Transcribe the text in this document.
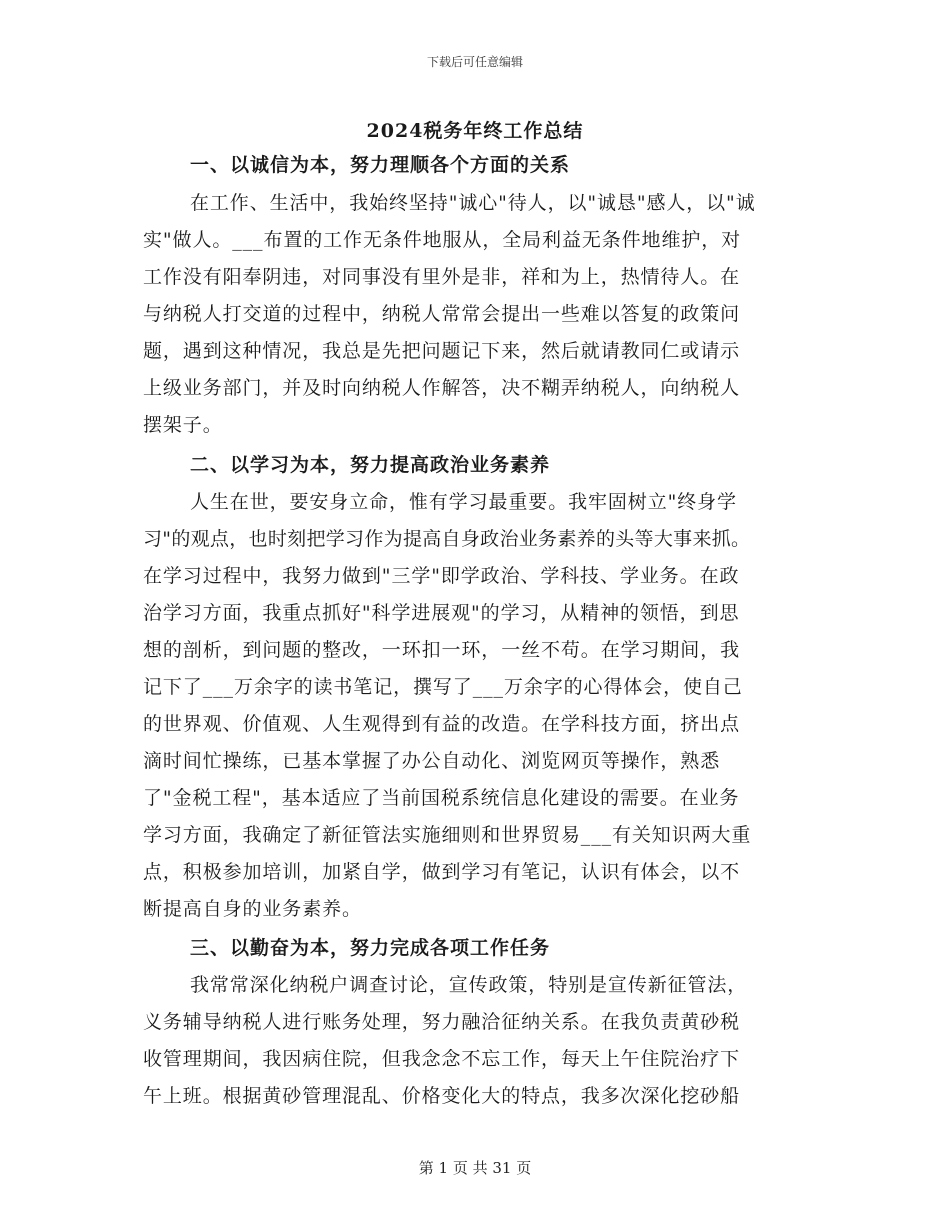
下载后可任意编辑
2024税务年终工作总结
一、以诚信为本，努力理顺各个方面的关系
在工作、生活中，我始终坚持"诚心"待人，以"诚恳"感人，以"诚
实"做人。___布置的工作无条件地服从，全局利益无条件地维护，对
工作没有阳奉阴违，对同事没有里外是非，祥和为上，热情待人。在
与纳税人打交道的过程中，纳税人常常会提出一些难以答复的政策问
题，遇到这种情况，我总是先把问题记下来，然后就请教同仁或请示
上级业务部门，并及时向纳税人作解答，决不糊弄纳税人，向纳税人
摆架子。
二、以学习为本，努力提高政治业务素养
人生在世，要安身立命，惟有学习最重要。我牢固树立"终身学
习"的观点，也时刻把学习作为提高自身政治业务素养的头等大事来抓。
在学习过程中，我努力做到"三学"即学政治、学科技、学业务。在政
治学习方面，我重点抓好"科学进展观"的学习，从精神的领悟，到思
想的剖析，到问题的整改，一环扣一环，一丝不苟。在学习期间，我
记下了___万余字的读书笔记，撰写了___万余字的心得体会，使自己
的世界观、价值观、人生观得到有益的改造。在学科技方面，挤出点
滴时间忙操练，已基本掌握了办公自动化、浏览网页等操作，熟悉
了"金税工程"，基本适应了当前国税系统信息化建设的需要。在业务
学习方面，我确定了新征管法实施细则和世界贸易___有关知识两大重
点，积极参加培训，加紧自学，做到学习有笔记，认识有体会，以不
断提高自身的业务素养。
三、以勤奋为本，努力完成各项工作任务
我常常深化纳税户调查讨论，宣传政策，特别是宣传新征管法，
义务辅导纳税人进行账务处理，努力融洽征纳关系。在我负责黄砂税
收管理期间，我因病住院，但我念念不忘工作，每天上午住院治疗下
午上班。根据黄砂管理混乱、价格变化大的特点，我多次深化挖砂船
第 1 页 共 31 页
